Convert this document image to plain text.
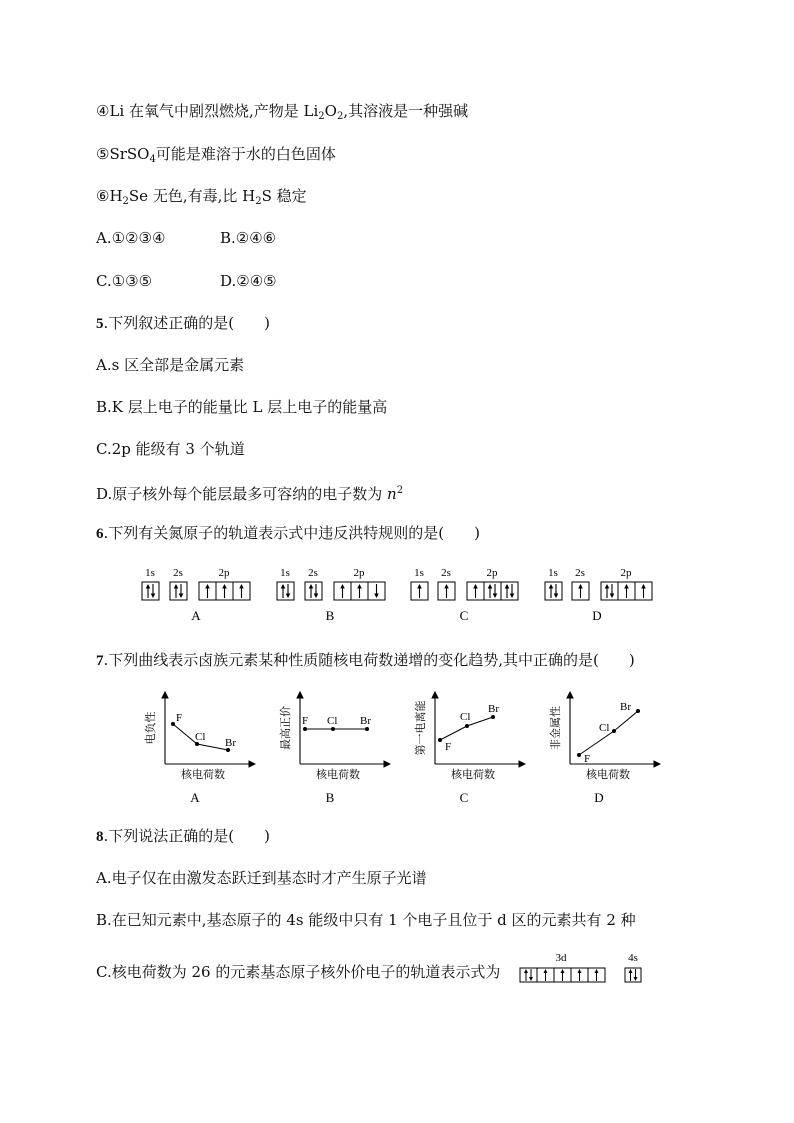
④Li 在氧气中剧烈燃烧,产物是 $Li_2O_2$,其溶液是一种强碱
⑤SrSO$_4$可能是难溶于水的白色固体
$⑥H_2Se$ 无色,有毒,比 $H_2S$ 稳定
A.①②③④	B.②④⑥
C.①③⑤	D.②④⑤
5.下列叙述正确的是(　　)
A.s 区全部是金属元素
B.K 层上电子的能量比 L 层上电子的能量高
C.2p 能级有 3 个轨道
D.原子核外每个能层最多可容纳的电子数为 $n^2$
6.下列有关氮原子的轨道表示式中违反洪特规则的是(　　)
1s 2s	2p
A
1s 2s	2p
B
1s 2s	2p
C
1s 2s	2p
D
7.下列曲线表示卤族元素某种性质随核电荷数递增的变化趋势,其中正确的是(　　)
电负性 F
Cl Br
核电荷数
A
最高正价 F Cl Br
核电荷数
B
第一电离能 F
Cl
Br
核电荷数
C
非金属性
F
Cl
Br
核电荷数
D
8.下列说法正确的是(　　)
A.电子仅在由激发态跃迁到基态时才产生原子光谱
B.在已知元素中,基态原子的 4s 能级中只有 1 个电子且位于 d 区的元素共有 2 种
C.核电荷数为 26 的元素基态原子核外价电子的轨道表示式为
3d	4s
